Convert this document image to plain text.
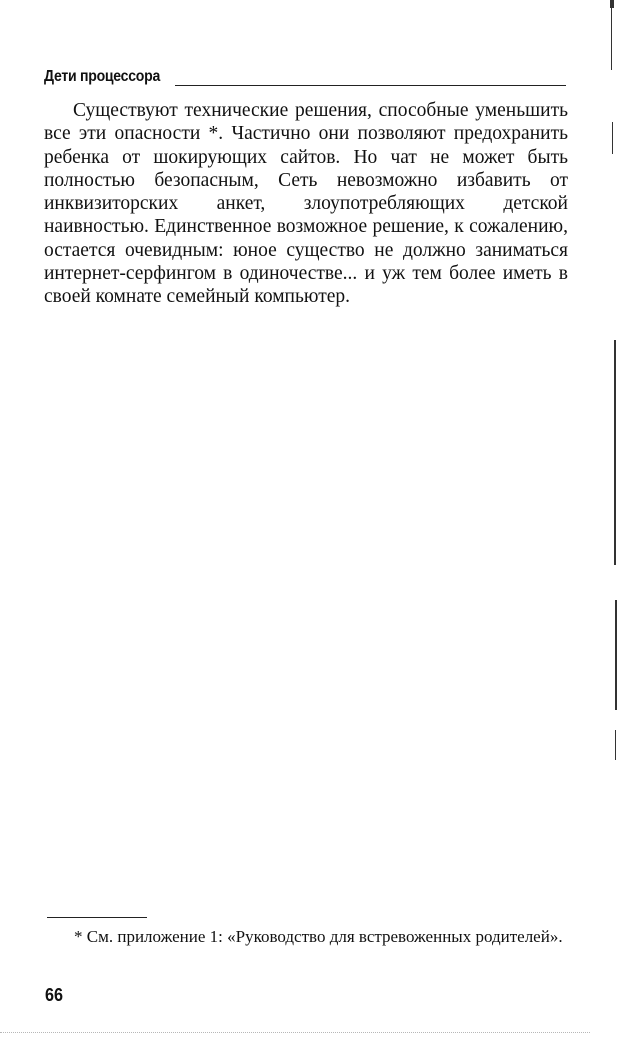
Дети процессора

Существуют технические решения, способные уменьшить все эти опасности *. Частично они позволяют предохранить ребенка от шокирующих сайтов. Но чат не может быть полностью безопасным, Сеть невозможно избавить от инквизиторских анкет, злоупотребляющих детской наивностью. Единственное возможное решение, к сожалению, остается очевидным: юное существо не должно заниматься интернет-серфингом в одиночестве... и уж тем более иметь в своей комнате семейный компьютер.

* См. приложение 1: «Руководство для встревоженных родителей».

66
